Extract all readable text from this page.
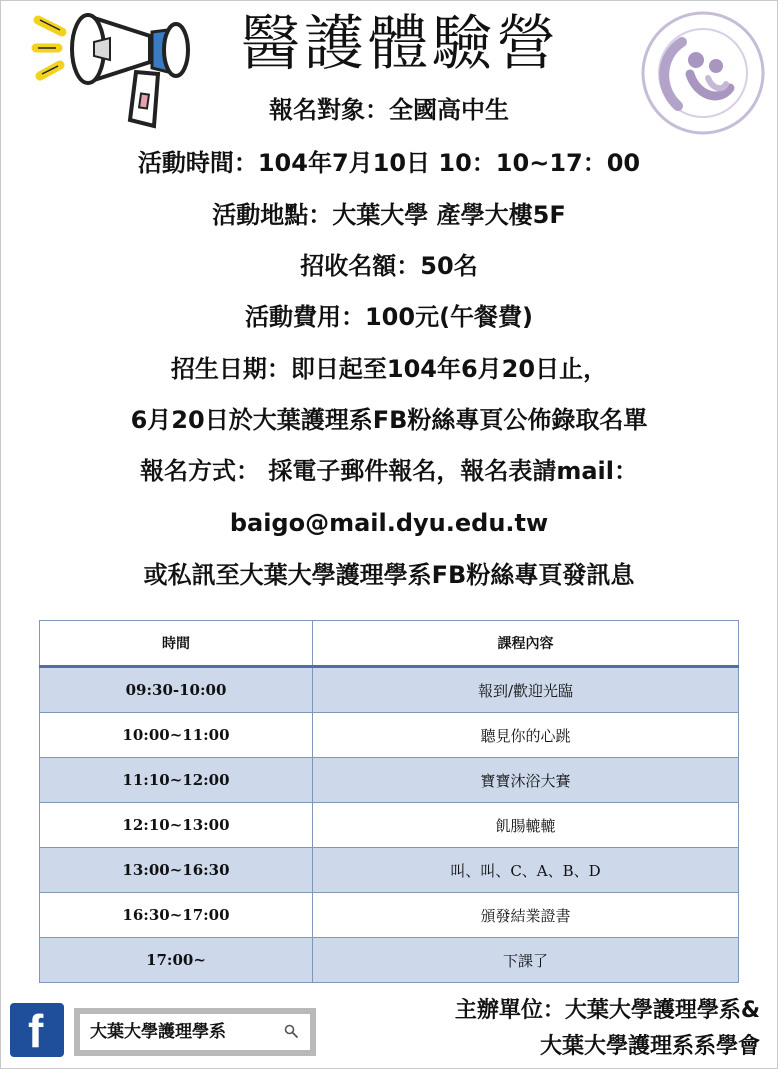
醫護體驗營
報名對象：全國高中生
活動時間：104年7月10日 10：10~17：00
活動地點：大葉大學 產學大樓5F
招收名額：50名
活動費用：100元(午餐費)
招生日期：即日起至104年6月20日止，
6月20日於大葉護理系FB粉絲專頁公佈錄取名單
報名方式： 採電子郵件報名，報名表請mail：
baigo@mail.dyu.edu.tw
或私訊至大葉大學護理學系FB粉絲專頁發訊息
時間	課程內容
09:30-10:00	報到/歡迎光臨
10:00~11:00	聽見你的心跳
11:10~12:00	寶寶沐浴大賽
12:10~13:00	飢腸轆轆
13:00~16:30	叫、叫、C、A、B、D
16:30~17:00	頒發結業證書
17:00~	下課了
f	大葉大學護理學系
主辦單位：大葉大學護理學系&
大葉大學護理系系學會
